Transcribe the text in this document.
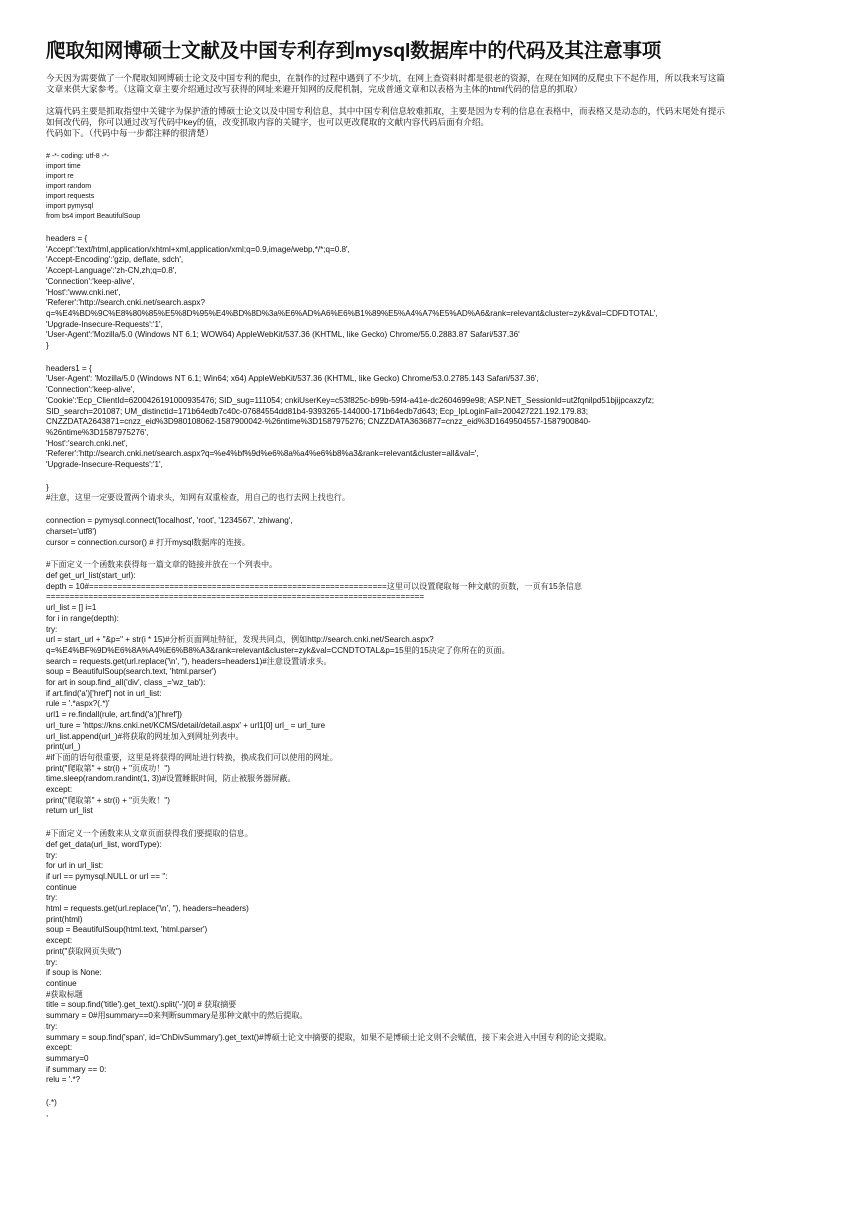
爬取知网博硕士文献及中国专利存到mysql数据库中的代码及其注意事项

今天因为需要做了一个爬取知网博硕士论文及中国专利的爬虫，在制作的过程中遇到了不少坑，在网上查资料时都是很老的资源，在现在知网的反爬虫下不起作用，所以我来写这篇
文章来供大家参考。（这篇文章主要介绍通过改写获得的网址来避开知网的反爬机制，完成普通文章和以表格为主体的html代码的信息的抓取）

这篇代码主要是抓取指望中关键字为保护渣的博硕士论文以及中国专利信息，其中中国专利信息较难抓取，主要是因为专利的信息在表格中，而表格又是动态的，代码末尾处有提示
如何改代码，你可以通过改写代码中key的值，改变抓取内容的关键字，也可以更改爬取的文献内容代码后面有介绍。
代码如下。（代码中每一步都注释的很清楚）

# -*- coding: utf-8 -*-
import time
import re
import random
import requests
import pymysql
from bs4 import BeautifulSoup
headers = {
'Accept':'text/html,application/xhtml+xml,application/xml;q=0.9,image/webp,*/*;q=0.8',
'Accept-Encoding':'gzip, deflate, sdch',
'Accept-Language':'zh-CN,zh;q=0.8',
'Connection':'keep-alive',
'Host':'www.cnki.net',
'Referer':'http://search.cnki.net/search.aspx?
q=%E4%BD%9C%E8%80%85%E5%8D%95%E4%BD%8D%3a%E6%AD%A6%E6%B1%89%E5%A4%A7%E5%AD%A6&rank=relevant&cluster=zyk&val=CDFDTOTAL',
'Upgrade-Insecure-Requests':'1',
'User-Agent':'Mozilla/5.0 (Windows NT 6.1; WOW64) AppleWebKit/537.36 (KHTML, like Gecko) Chrome/55.0.2883.87 Safari/537.36'
}
headers1 = {
'User-Agent': 'Mozilla/5.0 (Windows NT 6.1; Win64; x64) AppleWebKit/537.36 (KHTML, like Gecko) Chrome/53.0.2785.143 Safari/537.36',
'Connection':'keep-alive',
'Cookie':'Ecp_ClientId=6200426191000935476; SID_sug=111054; cnkiUserKey=c53f825c-b99b-59f4-a41e-dc2604699e98; ASP.NET_SessionId=ut2fqnilpd51bjijpcaxzyfz;
SID_search=201087; UM_distinctid=171b64edb7c40c-07684554dd81b4-9393265-144000-171b64edb7d643; Ecp_IpLoginFail=200427221.192.179.83;
CNZZDATA2643871=cnzz_eid%3D980108062-1587900042-%26ntime%3D1587975276; CNZZDATA3636877=cnzz_eid%3D1649504557-1587900840-
%26ntime%3D1587975276',
'Host':'search.cnki.net',
'Referer':'http://search.cnki.net/search.aspx?q=%e4%bf%9d%e6%8a%a4%e6%b8%a3&rank=relevant&cluster=all&val=',
'Upgrade-Insecure-Requests':'1',
}
#注意，这里一定要设置两个请求头，知网有双重检查，用自己的也行去网上找也行。
connection = pymysql.connect('localhost', 'root', '1234567', 'zhiwang',
charset='utf8')
cursor = connection.cursor() # 打开mysql数据库的连接。
#下面定义一个函数来获得每一篇文章的链接并放在一个列表中。
def get_url_list(start_url):
depth = 10#===============================================================这里可以设置爬取每一种文献的页数，一页有15条信息
================================================================================
url_list = [] i=1
for i in range(depth):
try:
url = start_url + "&p=" + str(i * 15)#分析页面网址特征，发现共同点，例如http://search.cnki.net/Search.aspx?
q=%E4%BF%9D%E6%8A%A4%E6%B8%A3&rank=relevant&cluster=zyk&val=CCNDTOTAL&p=15里的15决定了你所在的页面。
search = requests.get(url.replace('\n', ''), headers=headers1)#注意设置请求头。
soup = BeautifulSoup(search.text, 'html.parser')
for art in soup.find_all('div', class_='wz_tab'):
if art.find('a')['href'] not in url_list:
rule = '.*aspx?(.*)'
url1 = re.findall(rule, art.find('a')['href'])
url_ture = 'https://kns.cnki.net/KCMS/detail/detail.aspx' + url1[0] url_ = url_ture
url_list.append(url_)#将获取的网址加入到网址列表中。
print(url_)
#if下面的语句很重要，这里是将获得的网址进行转换，换成我们可以使用的网址。
print("爬取第" + str(i) + "页成功！")
time.sleep(random.randint(1, 3))#设置睡眠时间，防止被服务器屏蔽。
except:
print("爬取第" + str(i) + "页失败！")
return url_list
#下面定义一个函数来从文章页面获得我们要提取的信息。
def get_data(url_list, wordType):
try:
for url in url_list:
if url == pymysql.NULL or url == '':
continue
try:
html = requests.get(url.replace('\n', ''), headers=headers)
print(html)
soup = BeautifulSoup(html.text, 'html.parser')
except:
print("获取网页失败")
try:
if soup is None:
continue
#获取标题
title = soup.find('title').get_text().split('-')[0] # 获取摘要
summary = 0#用summary==0来判断summary是那种文献中的然后提取。
try:
summary = soup.find('span', id='ChDivSummary').get_text()#博硕士论文中摘要的提取，如果不是博硕士论文则不会赋值，接下来会进入中国专利的论文提取。
except:
summary=0
if summary == 0:
relu = '.*?
(.*)
,
